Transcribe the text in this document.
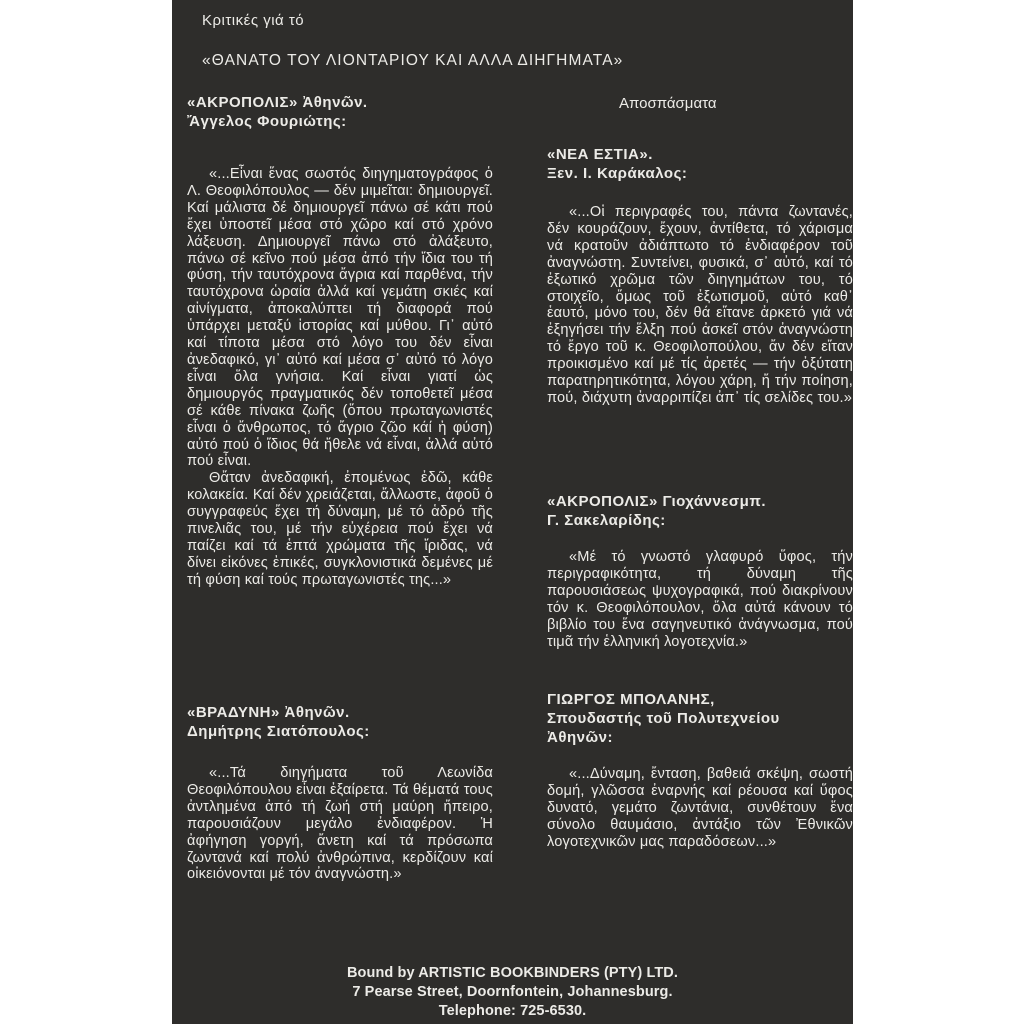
Κριτικές γιά τό

«ΘΑΝΑΤΟ ΤΟΥ ΛΙΟΝΤΑΡΙΟΥ ΚΑΙ ΑΛΛΑ ΔΙΗΓΗΜΑΤΑ»

Αποσπάσματα

«ΑΚΡΟΠΟΛΙΣ» Ἀθηνῶν.
Ἄγγελος Φουριώτης:
«...Εἶναι ἕνας σωστός διηγηματογράφος ὁ Λ. Θεοφιλόπουλος — δέν μιμεῖται: δημιουργεῖ. Καί μάλιστα δέ δημιουργεῖ πάνω σέ κάτι πού ἔχει ὑποστεῖ μέσα στό χῶρο καί στό χρόνο λάξευση. Δημιουργεῖ πάνω στό ἀλάξευτο, πάνω σέ κεῖνο πού μέσα ἀπό τήν ἴδια του τή φύση, τήν ταυτόχρονα ἄγρια καί παρθένα, τήν ταυτόχρονα ὡραία ἀλλά καί γεμάτη σκιές καί αἰνίγματα, ἀποκαλύπτει τή διαφορά πού ὑπάρχει μεταξύ ἱστορίας καί μύθου. Γι᾽ αὐτό καί τίποτα μέσα στό λόγο του δέν εἶναι ἀνεδαφικό, γι᾽ αὐτό καί μέσα σ᾽ αὐτό τό λόγο εἶναι ὅλα γνήσια. Καί εἶναι γιατί ὡς δημιουργός πραγματικός δέν τοποθετεῖ μέσα σέ κάθε πίνακα ζωῆς (ὅπου πρωταγωνιστές εἶναι ὁ ἄνθρωπος, τό ἄγριο ζῶο κάί ἡ φύση) αὐτό πού ὁ ἴδιος θά ἤθελε νά εἶναι, ἀλλά αὐτό πού εἶναι.
Θἄταν ἀνεδαφική, ἐπομένως ἐδῶ, κάθε κολακεία. Καί δέν χρειάζεται, ἄλλωστε, ἀφοῦ ὁ συγγραφεύς ἔχει τή δύναμη, μέ τό ἁδρό τῆς πινελιᾶς του, μέ τήν εὐχέρεια πού ἔχει νά παίζει καί τά ἑπτά χρώματα τῆς ἴριδας, νά δίνει εἰκόνες ἐπικές, συγκλονιστικά δεμένες μέ τή φύση καί τούς πρωταγωνιστές της...»
«ΒΡΑΔΥΝΗ» Ἀθηνῶν.
Δημήτρης Σιατόπουλος:
«...Τά διηγήματα τοῦ Λεωνίδα Θεοφιλόπουλου εἶναι ἐξαίρετα. Τά θέματά τους ἀντλημένα ἀπό τή ζωή στή μαύρη ἤπειρο, παρουσιάζουν μεγάλο ἐνδιαφέρον. Ἡ ἀφήγηση γοργή, ἄνετη καί τά πρόσωπα ζωντανά καί πολύ ἀνθρώπινα, κερδίζουν καί οἰκειόνονται μέ τόν ἀναγνώστη.»
«ΝΕΑ ΕΣΤΙΑ».
Ξεν. Ι. Καράκαλος:
«...Οἱ περιγραφές του, πάντα ζωντανές, δέν κουράζουν, ἔχουν, ἀντίθετα, τό χάρισμα νά κρατοῦν ἀδιάπτωτο τό ἐνδιαφέρον τοῦ ἀναγνώστη. Συντείνει, φυσικά, σ᾽ αὐτό, καί τό ἐξωτικό χρῶμα τῶν διηγημάτων του, τό στοιχεῖο, ὅμως τοῦ ἐξωτισμοῦ, αὐτό καθ᾽ ἑαυτό, μόνο του, δέν θά εἴτανε ἀρκετό γιά νά ἐξηγήσει τήν ἕλξη πού ἀσκεῖ στόν ἀναγνώστη τό ἔργο τοῦ κ. Θεοφιλοπούλου, ἄν δέν εἴταν προικισμένο καί μέ τίς ἀρετές — τήν ὀξύτατη παρατηρητικότητα, λόγου χάρη, ἤ τήν ποίηση, πού, διάχυτη ἀναρριπίζει ἀπ᾽ τίς σελίδες του.»
«ΑΚΡΟΠΟΛΙΣ» Γιοχάννεσμπ.
Γ. Σακελαρίδης:
«Μέ τό γνωστό γλαφυρό ὕφος, τήν περιγραφικότητα, τή δύναμη τῆς παρουσιάσεως ψυχογραφικά, πού διακρίνουν τόν κ. Θεοφιλόπουλον, ὅλα αὐτά κάνουν τό βιβλίο του ἕνα σαγηνευτικό ἀνάγνωσμα, πού τιμᾶ τήν ἑλληνική λογοτεχνία.»
ΓΙΩΡΓΟΣ ΜΠΟΛΑΝΗΣ,
Σπουδαστής τοῦ Πολυτεχνείου
Ἀθηνῶν:
«...Δύναμη, ἔνταση, βαθειά σκέψη, σωστή δομή, γλῶσσα ἐναρνής καί ρέουσα καί ὕφος δυνατό, γεμάτο ζωντάνια, συνθέτουν ἕνα σύνολο θαυμάσιο, ἀντάξιο τῶν Ἐθνικῶν λογοτεχνικῶν μας παραδόσεων...»
Bound by ARTISTIC BOOKBINDERS (PTY) LTD.
7 Pearse Street, Doornfontein, Johannesburg.
Telephone: 725-6530.
